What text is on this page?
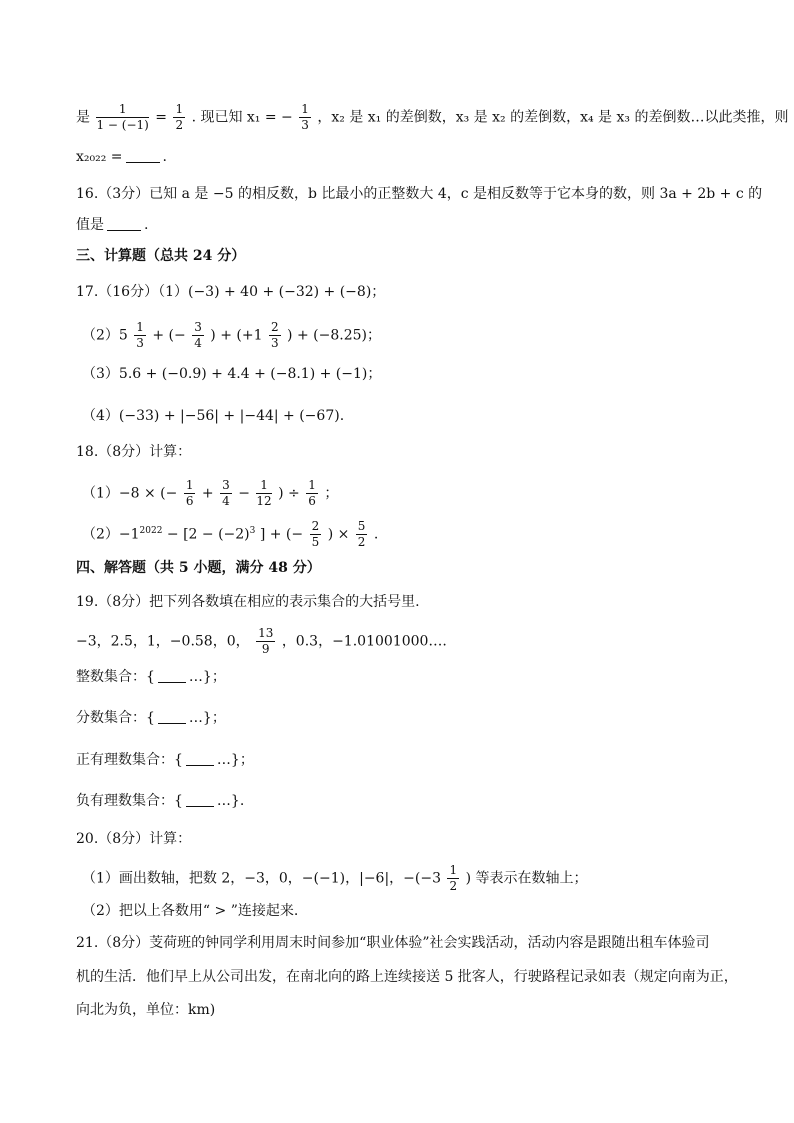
是 $\frac{1}{1 - (-1)} = \frac{1}{2}$ . 现已知 x₁ = − $\frac{1}{3}$ ，x₂ 是 x₁ 的差倒数，x₃ 是 x₂ 的差倒数，x₄ 是 x₃ 的差倒数…以此类推，则
x₂₀₂₂ =	.
16.（3分）已知 a 是 −5 的相反数，b 比最小的正整数大 4，c 是相反数等于它本身的数，则 3a + 2b + c 的
值是	.
三、计算题（总共 24 分）
17.（16分）（1）(−3) + 40 + (−32) + (−8)；
$(2)5 \frac{1}{3}$ + (− $\frac{3}{4}$ ) + ($+1 \frac{2}{3}$ ) + (−8.25)；
（3）5.6 + (−0.9) + 4.4 + (−8.1) + (−1)；
（4）(−33) + |−56| + |−44| + (−67).
18.（8分）计算：
（1）−8 × (− $\frac{1}{6} + \frac{3}{4} - \frac{1}{12}$ ) ÷ $\frac{1}{6}$ ；
$(2)-1^{2022} - [2 - (-2)^3$ ] + (− $\frac{2}{5}$ ) × $\frac{5}{2}$ .
四、解答题（共 5 小题，满分 48 分）
19.（8分）把下列各数填在相应的表示集合的大括号里.
−3，2.5，1，−0.58，0， $\frac{13}{9}$ ，0.3，−1.01001000….
整数集合：{ …}；
分数集合：{ …}；
正有理数集合：{ …}；
负有理数集合：{ …}.
20.（8分）计算：
（1）画出数轴，把数 2，−3，0，−(−1)，|−6|，$-(-3 \frac{1}{2}$ ) 等表示在数轴上；
（2）把以上各数用“ > ”连接起来.
21.（8分）芰荷班的钟同学利用周末时间参加“职业体验”社会实践活动，活动内容是跟随出租车体验司
机的生活．他们早上从公司出发，在南北向的路上连续接送 5 批客人，行驶路程记录如表（规定向南为正，
向北为负，单位：km)
